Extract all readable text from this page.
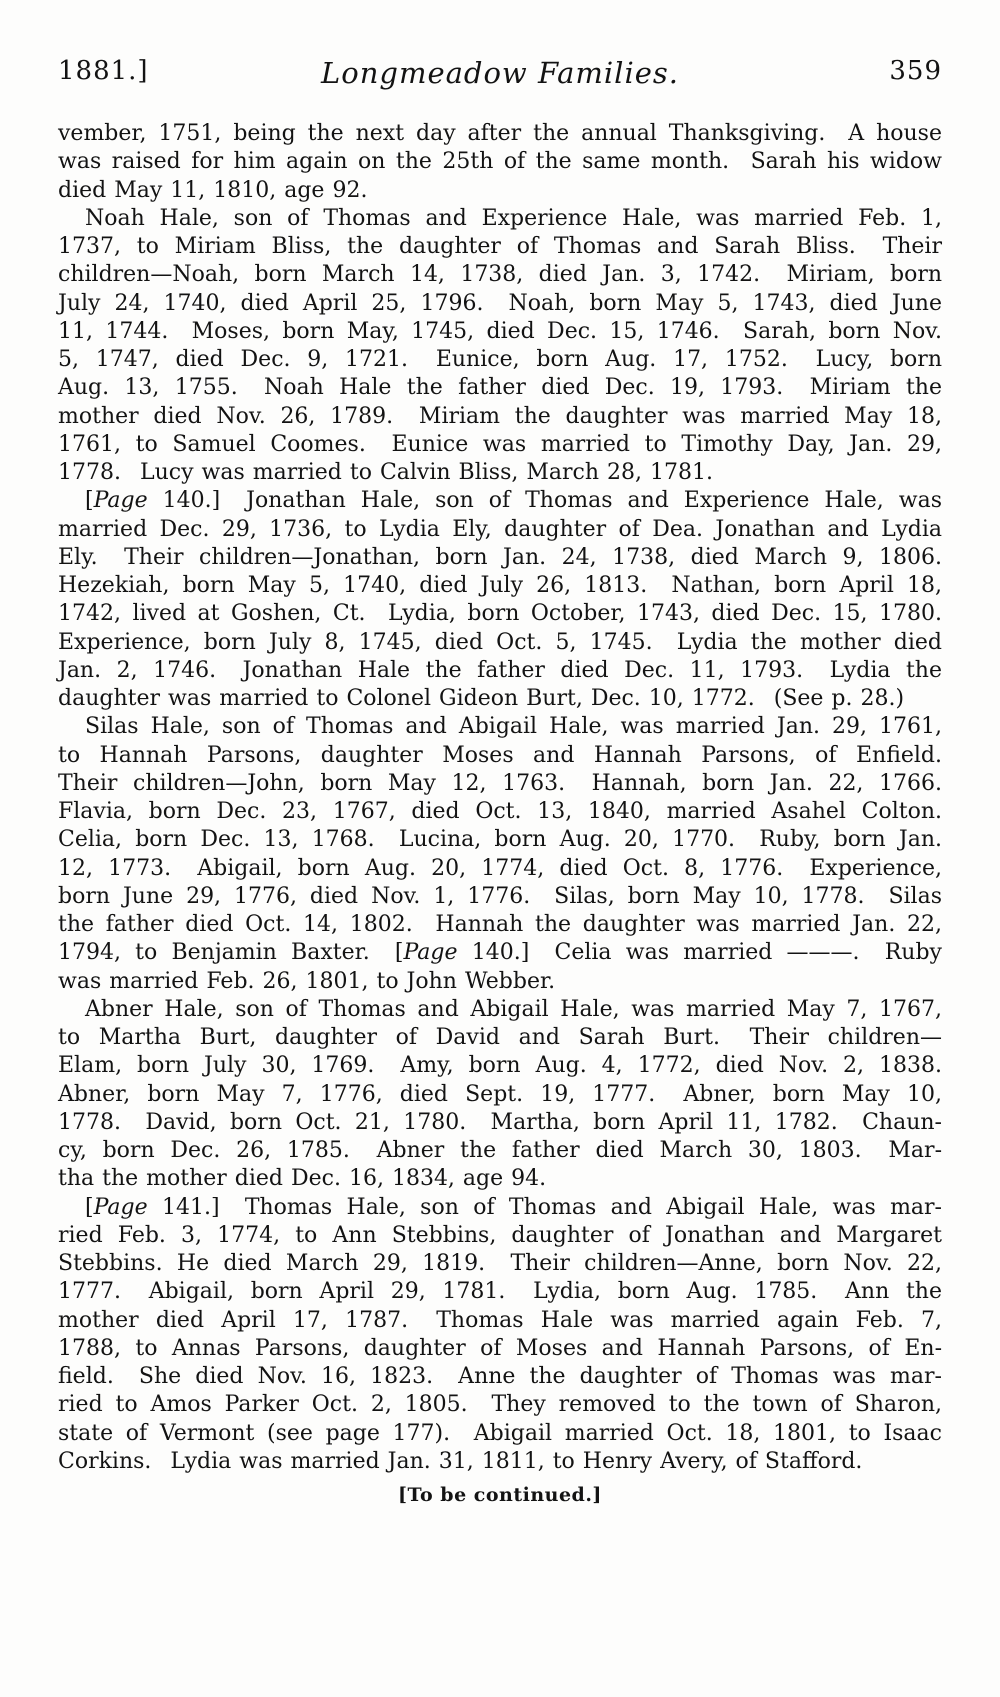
1881.]	Longmeadow Families.	359
vember, 1751, being the next day after the annual Thanksgiving.  A house
was raised for him again on the 25th of the same month.  Sarah his widow
died May 11, 1810, age 92.
Noah Hale, son of Thomas and Experience Hale, was married Feb. 1,
1737, to Miriam Bliss, the daughter of Thomas and Sarah Bliss.  Their
children—Noah, born March 14, 1738, died Jan. 3, 1742.  Miriam, born
July 24, 1740, died April 25, 1796.  Noah, born May 5, 1743, died June
11, 1744.  Moses, born May, 1745, died Dec. 15, 1746.  Sarah, born Nov.
5, 1747, died Dec. 9, 1721.  Eunice, born Aug. 17, 1752.  Lucy, born
Aug. 13, 1755.  Noah Hale the father died Dec. 19, 1793.  Miriam the
mother died Nov. 26, 1789.  Miriam the daughter was married May 18,
1761, to Samuel Coomes.  Eunice was married to Timothy Day, Jan. 29,
1778.  Lucy was married to Calvin Bliss, March 28, 1781.
[Page 140.]  Jonathan Hale, son of Thomas and Experience Hale, was
married Dec. 29, 1736, to Lydia Ely, daughter of Dea. Jonathan and Lydia
Ely.  Their children—Jonathan, born Jan. 24, 1738, died March 9, 1806.
Hezekiah, born May 5, 1740, died July 26, 1813.  Nathan, born April 18,
1742, lived at Goshen, Ct.  Lydia, born October, 1743, died Dec. 15, 1780.
Experience, born July 8, 1745, died Oct. 5, 1745.  Lydia the mother died
Jan. 2, 1746.  Jonathan Hale the father died Dec. 11, 1793.  Lydia the
daughter was married to Colonel Gideon Burt, Dec. 10, 1772.  (See p. 28.)
Silas Hale, son of Thomas and Abigail Hale, was married Jan. 29, 1761,
to Hannah Parsons, daughter Moses and Hannah Parsons, of Enfield.
Their children—John, born May 12, 1763.  Hannah, born Jan. 22, 1766.
Flavia, born Dec. 23, 1767, died Oct. 13, 1840, married Asahel Colton.
Celia, born Dec. 13, 1768.  Lucina, born Aug. 20, 1770.  Ruby, born Jan.
12, 1773.  Abigail, born Aug. 20, 1774, died Oct. 8, 1776.  Experience,
born June 29, 1776, died Nov. 1, 1776.  Silas, born May 10, 1778.  Silas
the father died Oct. 14, 1802.  Hannah the daughter was married Jan. 22,
1794, to Benjamin Baxter.  [Page 140.]  Celia was married ———.  Ruby
was married Feb. 26, 1801, to John Webber.
Abner Hale, son of Thomas and Abigail Hale, was married May 7, 1767,
to Martha Burt, daughter of David and Sarah Burt.  Their children—
Elam, born July 30, 1769.  Amy, born Aug. 4, 1772, died Nov. 2, 1838.
Abner, born May 7, 1776, died Sept. 19, 1777.  Abner, born May 10,
1778.  David, born Oct. 21, 1780.  Martha, born April 11, 1782.  Chaun-
cy, born Dec. 26, 1785.  Abner the father died March 30, 1803.  Mar-
tha the mother died Dec. 16, 1834, age 94.
[Page 141.]  Thomas Hale, son of Thomas and Abigail Hale, was mar-
ried Feb. 3, 1774, to Ann Stebbins, daughter of Jonathan and Margaret
Stebbins. He died March 29, 1819.  Their children—Anne, born Nov. 22,
1777.  Abigail, born April 29, 1781.  Lydia, born Aug. 1785.  Ann the
mother died April 17, 1787.  Thomas Hale was married again Feb. 7,
1788, to Annas Parsons, daughter of Moses and Hannah Parsons, of En-
field.  She died Nov. 16, 1823.  Anne the daughter of Thomas was mar-
ried to Amos Parker Oct. 2, 1805.  They removed to the town of Sharon,
state of Vermont (see page 177).  Abigail married Oct. 18, 1801, to Isaac
Corkins.  Lydia was married Jan. 31, 1811, to Henry Avery, of Stafford.
[To be continued.]
